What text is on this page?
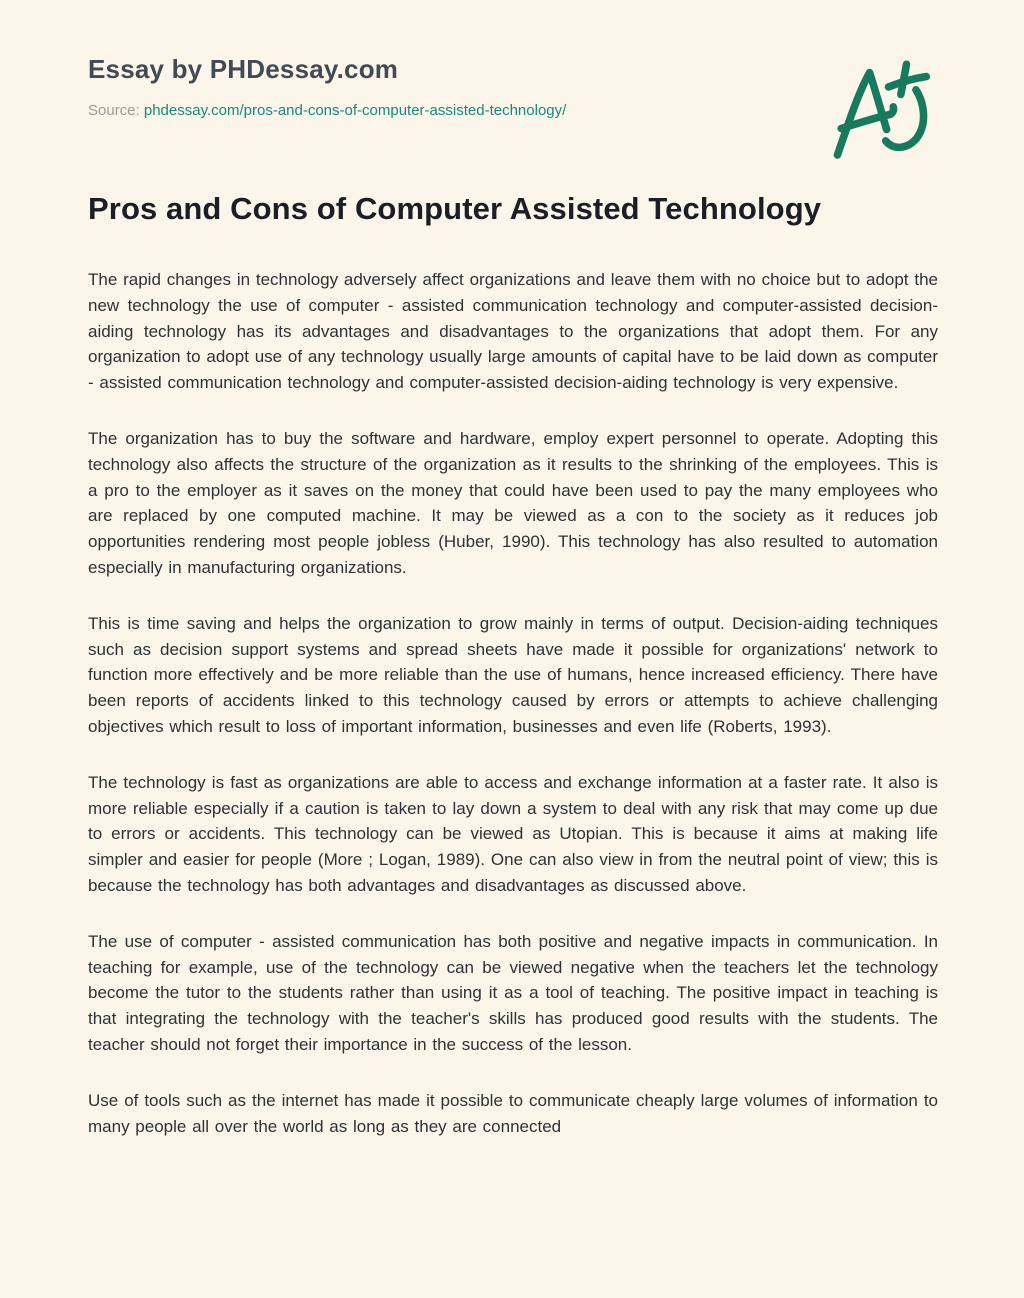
Essay by PHDessay.com
Source: phdessay.com/pros-and-cons-of-computer-assisted-technology/
Pros and Cons of Computer Assisted Technology

The rapid changes in technology adversely affect organizations and leave them with no choice but to adopt the new technology the use of computer - assisted communication technology and computer-assisted decision-aiding technology has its advantages and disadvantages to the organizations that adopt them. For any organization to adopt use of any technology usually large amounts of capital have to be laid down as computer - assisted communication technology and computer-assisted decision-aiding technology is very expensive.

The organization has to buy the software and hardware, employ expert personnel to operate. Adopting this technology also affects the structure of the organization as it results to the shrinking of the employees. This is a pro to the employer as it saves on the money that could have been used to pay the many employees who are replaced by one computed machine. It may be viewed as a con to the society as it reduces job opportunities rendering most people jobless (Huber, 1990). This technology has also resulted to automation especially in manufacturing organizations.

This is time saving and helps the organization to grow mainly in terms of output. Decision-aiding techniques such as decision support systems and spread sheets have made it possible for organizations' network to function more effectively and be more reliable than the use of humans, hence increased efficiency. There have been reports of accidents linked to this technology caused by errors or attempts to achieve challenging objectives which result to loss of important information, businesses and even life (Roberts, 1993).

The technology is fast as organizations are able to access and exchange information at a faster rate. It also is more reliable especially if a caution is taken to lay down a system to deal with any risk that may come up due to errors or accidents. This technology can be viewed as Utopian. This is because it aims at making life simpler and easier for people (More ; Logan, 1989). One can also view in from the neutral point of view; this is because the technology has both advantages and disadvantages as discussed above.

The use of computer - assisted communication has both positive and negative impacts in communication. In teaching for example, use of the technology can be viewed negative when the teachers let the technology become the tutor to the students rather than using it as a tool of teaching. The positive impact in teaching is that integrating the technology with the teacher's skills has produced good results with the students. The teacher should not forget their importance in the success of the lesson.

Use of tools such as the internet has made it possible to communicate cheaply large volumes of information to many people all over the world as long as they are connected
